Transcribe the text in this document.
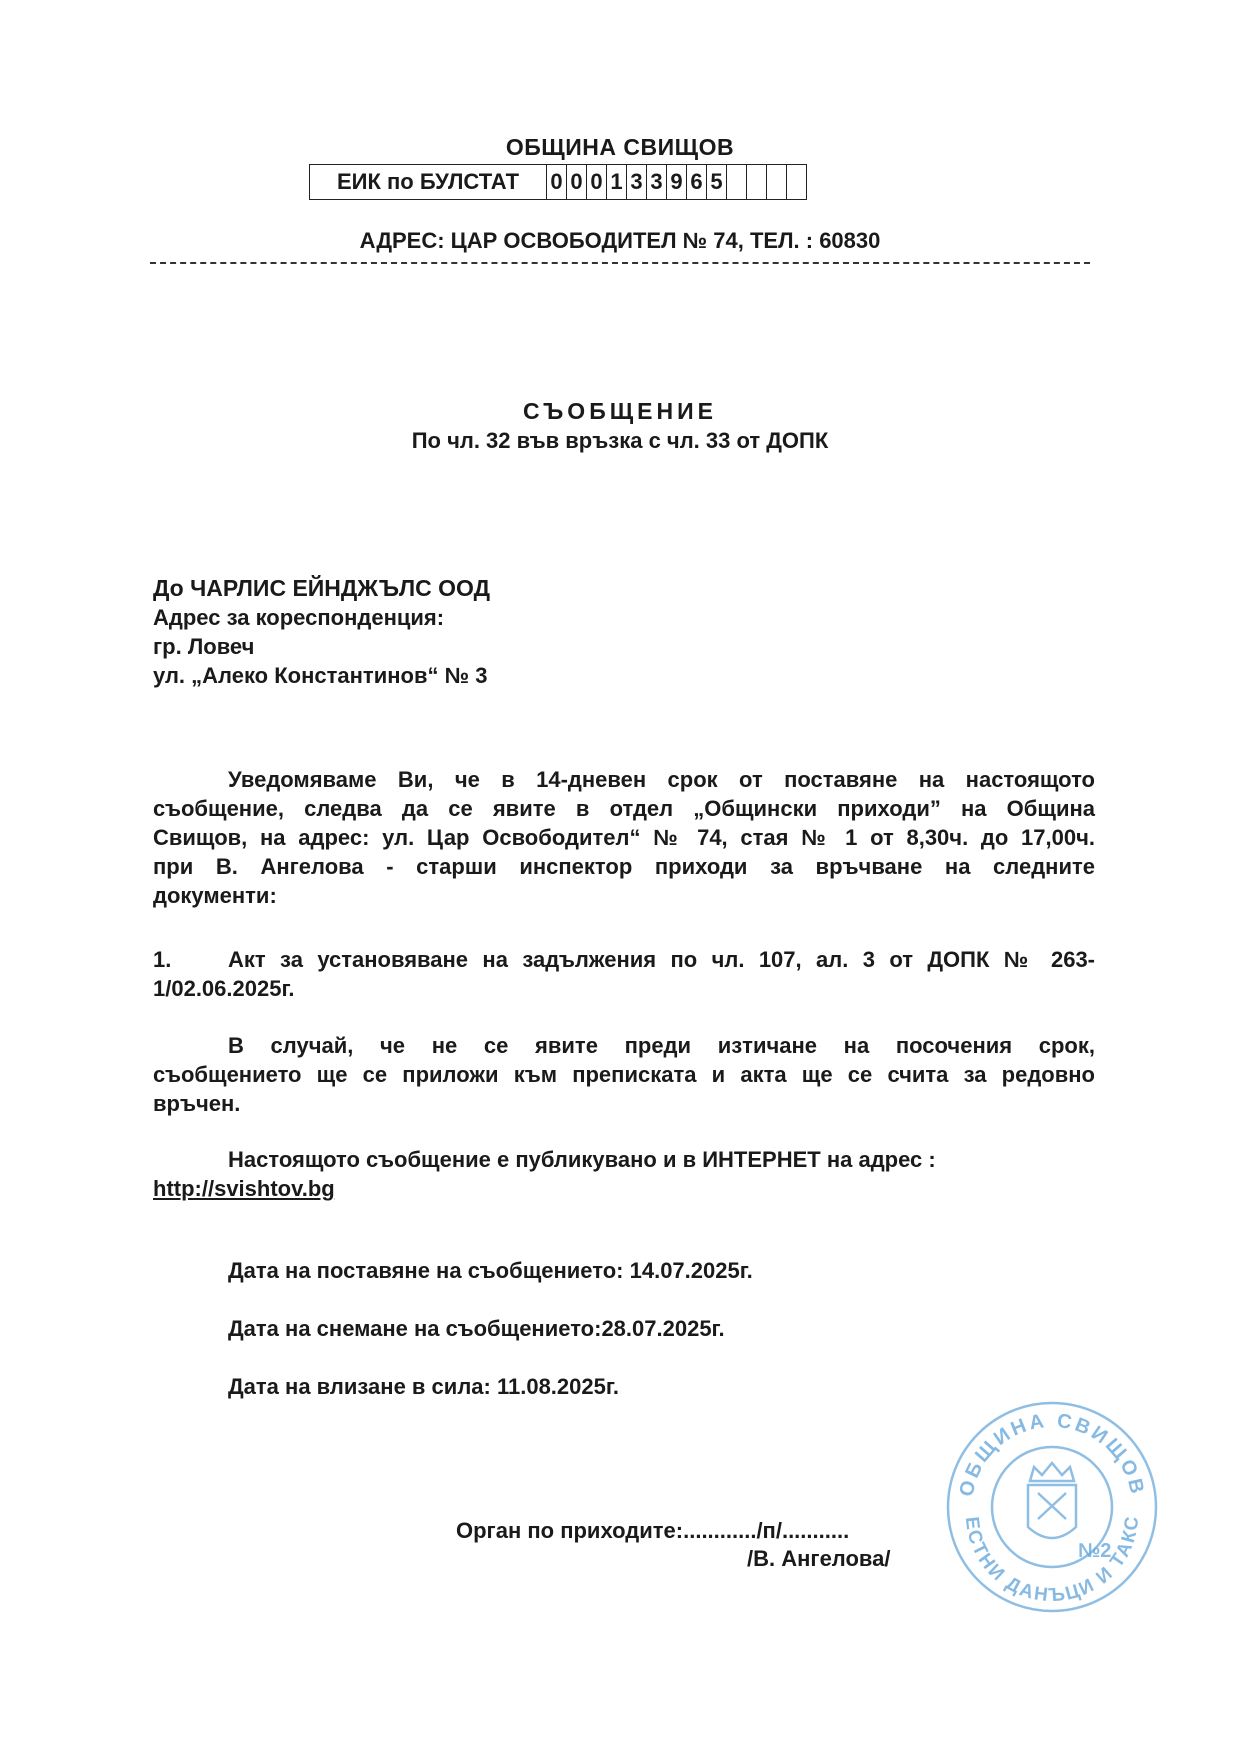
ОБЩИНА СВИЩОВ
ЕИК по БУЛСТАТ	0 0 0 1 3 3 9 6 5
АДРЕС: ЦАР ОСВОБОДИТЕЛ № 74, ТЕЛ. : 60830
СЪОБЩЕНИЕ
По чл. 32 във връзка с чл. 33 от ДОПК
До ЧАРЛИС ЕЙНДЖЪЛС ООД
Адрес за кореспонденция:
гр. Ловеч
ул. „Алеко Константинов“ № 3
Уведомяваме Ви, че в 14-дневен срок от поставяне на настоящото
съобщение, следва да се явите в отдел „Общински приходи” на Община
Свищов, на адрес: ул. Цар Освободител“ № 74, стая № 1 от 8,30ч. до 17,00ч.
при В. Ангелова - старши инспектор приходи за връчване на следните
документи:
1.	Акт за установяване на задължения по чл. 107, ал. 3 от ДОПК № 263-
1/02.06.2025г.
В случай, че не се явите преди изтичане на посочения срок,
съобщението ще се приложи към преписката и акта ще се счита за редовно
връчен.
Настоящото съобщение е публикувано и в ИНТЕРНЕТ на адрес :
http://svishtov.bg
Дата на поставяне на съобщението: 14.07.2025г.
Дата на снемане на съобщението:28.07.2025г.
Дата на влизане в сила: 11.08.2025г.
Орган по приходите:............/п/...........
/В. Ангелова/
ОБЩИНА СВИЩОВ
ЕСТНИ ДАНЪЦИ И ТАКС
№2
